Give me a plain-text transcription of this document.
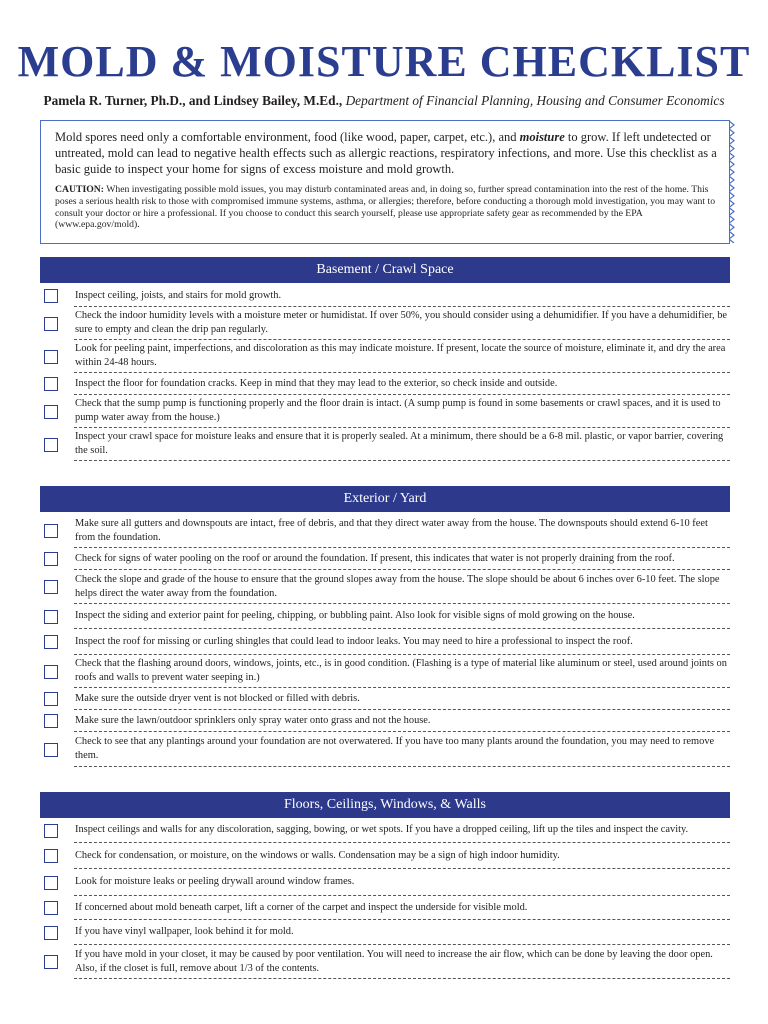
MOLD & MOISTURE CHECKLIST
Pamela R. Turner, Ph.D., and Lindsey Bailey, M.Ed., Department of Financial Planning, Housing and Consumer Economics

Mold spores need only a comfortable environment, food (like wood, paper, carpet, etc.), and moisture to grow. If left undetected or untreated, mold can lead to negative health effects such as allergic reactions, respiratory infections, and more. Use this checklist as a basic guide to inspect your home for signs of excess moisture and mold growth.

CAUTION: When investigating possible mold issues, you may disturb contaminated areas and, in doing so, further spread contamination into the rest of the home. This poses a serious health risk to those with compromised immune systems, asthma, or allergies; therefore, before conducting a thorough mold investigation, you may want to consult your doctor or hire a professional. If you choose to conduct this search yourself, please use appropriate safety gear as recommended by the EPA (www.epa.gov/mold).

Basement / Crawl Space
Inspect ceiling, joists, and stairs for mold growth.
Check the indoor humidity levels with a moisture meter or humidistat. If over 50%, you should consider using a dehumidifier. If you have a dehumidifier, be sure to empty and clean the drip pan regularly.
Look for peeling paint, imperfections, and discoloration as this may indicate moisture. If present, locate the source of moisture, eliminate it, and dry the area within 24-48 hours.
Inspect the floor for foundation cracks. Keep in mind that they may lead to the exterior, so check inside and outside.
Check that the sump pump is functioning properly and the floor drain is intact. (A sump pump is found in some basements or crawl spaces, and it is used to pump water away from the house.)
Inspect your crawl space for moisture leaks and ensure that it is properly sealed. At a minimum, there should be a 6-8 mil. plastic, or vapor barrier, covering the soil.
Exterior / Yard
Make sure all gutters and downspouts are intact, free of debris, and that they direct water away from the house. The downspouts should extend 6-10 feet from the foundation.
Check for signs of water pooling on the roof or around the foundation. If present, this indicates that water is not properly draining from the roof.
Check the slope and grade of the house to ensure that the ground slopes away from the house. The slope should be about 6 inches over 6-10 feet. The slope helps direct the water away from the foundation.
Inspect the siding and exterior paint for peeling, chipping, or bubbling paint. Also look for visible signs of mold growing on the house.
Inspect the roof for missing or curling shingles that could lead to indoor leaks. You may need to hire a professional to inspect the roof.
Check that the flashing around doors, windows, joints, etc., is in good condition. (Flashing is a type of material like aluminum or steel, used around joints on roofs and walls to prevent water seeping in.)
Make sure the outside dryer vent is not blocked or filled with debris.
Make sure the lawn/outdoor sprinklers only spray water onto grass and not the house.
Check to see that any plantings around your foundation are not overwatered. If you have too many plants around the foundation, you may need to remove them.
Floors, Ceilings, Windows, & Walls
Inspect ceilings and walls for any discoloration, sagging, bowing, or wet spots. If you have a dropped ceiling, lift up the tiles and inspect the cavity.
Check for condensation, or moisture, on the windows or walls. Condensation may be a sign of high indoor humidity.
Look for moisture leaks or peeling drywall around window frames.
If concerned about mold beneath carpet, lift a corner of the carpet and inspect the underside for visible mold.
If you have vinyl wallpaper, look behind it for mold.
If you have mold in your closet, it may be caused by poor ventilation. You will need to increase the air flow, which can be done by leaving the door open. Also, if the closet is full, remove about 1/3 of the contents.
